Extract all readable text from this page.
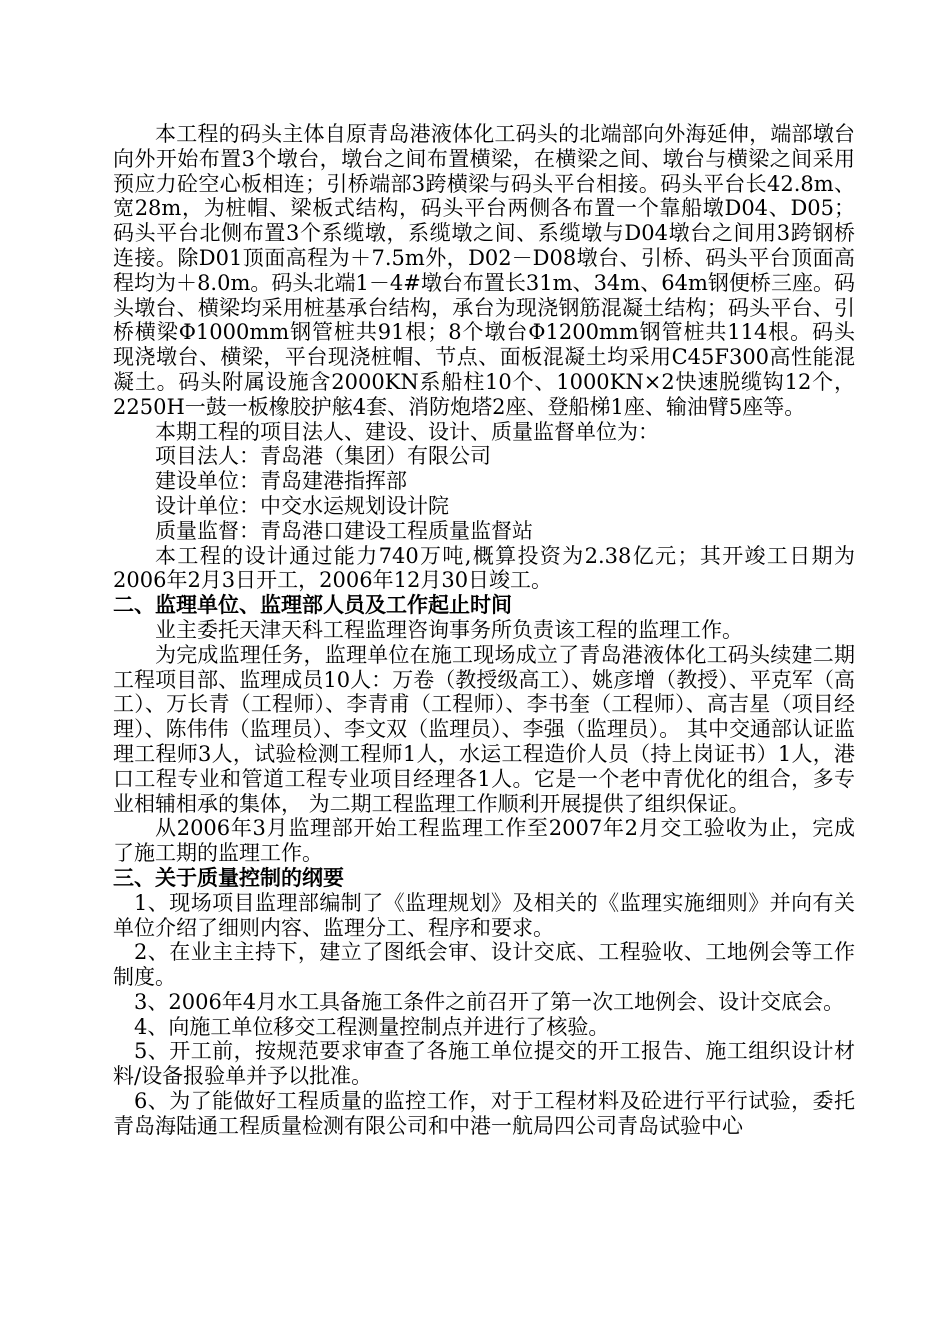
本工程的码头主体自原青岛港液体化工码头的北端部向外海延伸，端部墩台向外开始布置3个墩台，墩台之间布置横梁，在横梁之间、墩台与横梁之间采用预应力砼空心板相连；引桥端部3跨横梁与码头平台相接。码头平台长42.8m、宽28m，为桩帽、梁板式结构，码头平台两侧各布置一个靠船墩D04、D05；码头平台北侧布置3个系缆墩，系缆墩之间、系缆墩与D04墩台之间用3跨钢桥连接。除D01顶面高程为＋7.5m外，D02－D08墩台、引桥、码头平台顶面高程均为＋8.0m。码头北端1－4#墩台布置长31m、34m、64m钢便桥三座。码头墩台、横梁均采用桩基承台结构，承台为现浇钢筋混凝土结构；码头平台、引桥横梁Φ1000mm钢管桩共91根；8个墩台Φ1200mm钢管桩共114根。码头现浇墩台、横梁，平台现浇桩帽、节点、面板混凝土均采用C45F300高性能混凝土。码头附属设施含2000KN系船柱10个、1000KN×2快速脱缆钩12个，2250H一鼓一板橡胶护舷4套、消防炮塔2座、登船梯1座、输油臂5座等。

本期工程的项目法人、建设、设计、质量监督单位为：

项目法人：青岛港（集团）有限公司

建设单位：青岛建港指挥部

设计单位：中交水运规划设计院

质量监督：青岛港口建设工程质量监督站

本工程的设计通过能力740万吨,概算投资为2.38亿元；其开竣工日期为2006年2月3日开工，2006年12月30日竣工。

二、监理单位、监理部人员及工作起止时间

业主委托天津天科工程监理咨询事务所负责该工程的监理工作。

为完成监理任务，监理单位在施工现场成立了青岛港液体化工码头续建二期工程项目部、监理成员10人：万卷（教授级高工）、姚彦增（教授）、平克军（高工）、万长青（工程师）、李青甫（工程师）、李书奎（工程师）、高吉星（项目经理）、陈伟伟（监理员）、李文双（监理员）、李强（监理员）。 其中交通部认证监理工程师3人，试验检测工程师1人，水运工程造价人员（持上岗证书）1人，港口工程专业和管道工程专业项目经理各1人。它是一个老中青优化的组合，多专业相辅相承的集体， 为二期工程监理工作顺利开展提供了组织保证。

从2006年3月监理部开始工程监理工作至2007年2月交工验收为止，完成了施工期的监理工作。

三、关于质量控制的纲要

1、现场项目监理部编制了《监理规划》及相关的《监理实施细则》并向有关单位介绍了细则内容、监理分工、程序和要求。

2、在业主主持下，建立了图纸会审、设计交底、工程验收、工地例会等工作制度。

3、2006年4月水工具备施工条件之前召开了第一次工地例会、设计交底会。

4、向施工单位移交工程测量控制点并进行了核验。

5、开工前，按规范要求审查了各施工单位提交的开工报告、施工组织设计材料/设备报验单并予以批准。

6、为了能做好工程质量的监控工作，对于工程材料及砼进行平行试验，委托青岛海陆通工程质量检测有限公司和中港一航局四公司青岛试验中心
